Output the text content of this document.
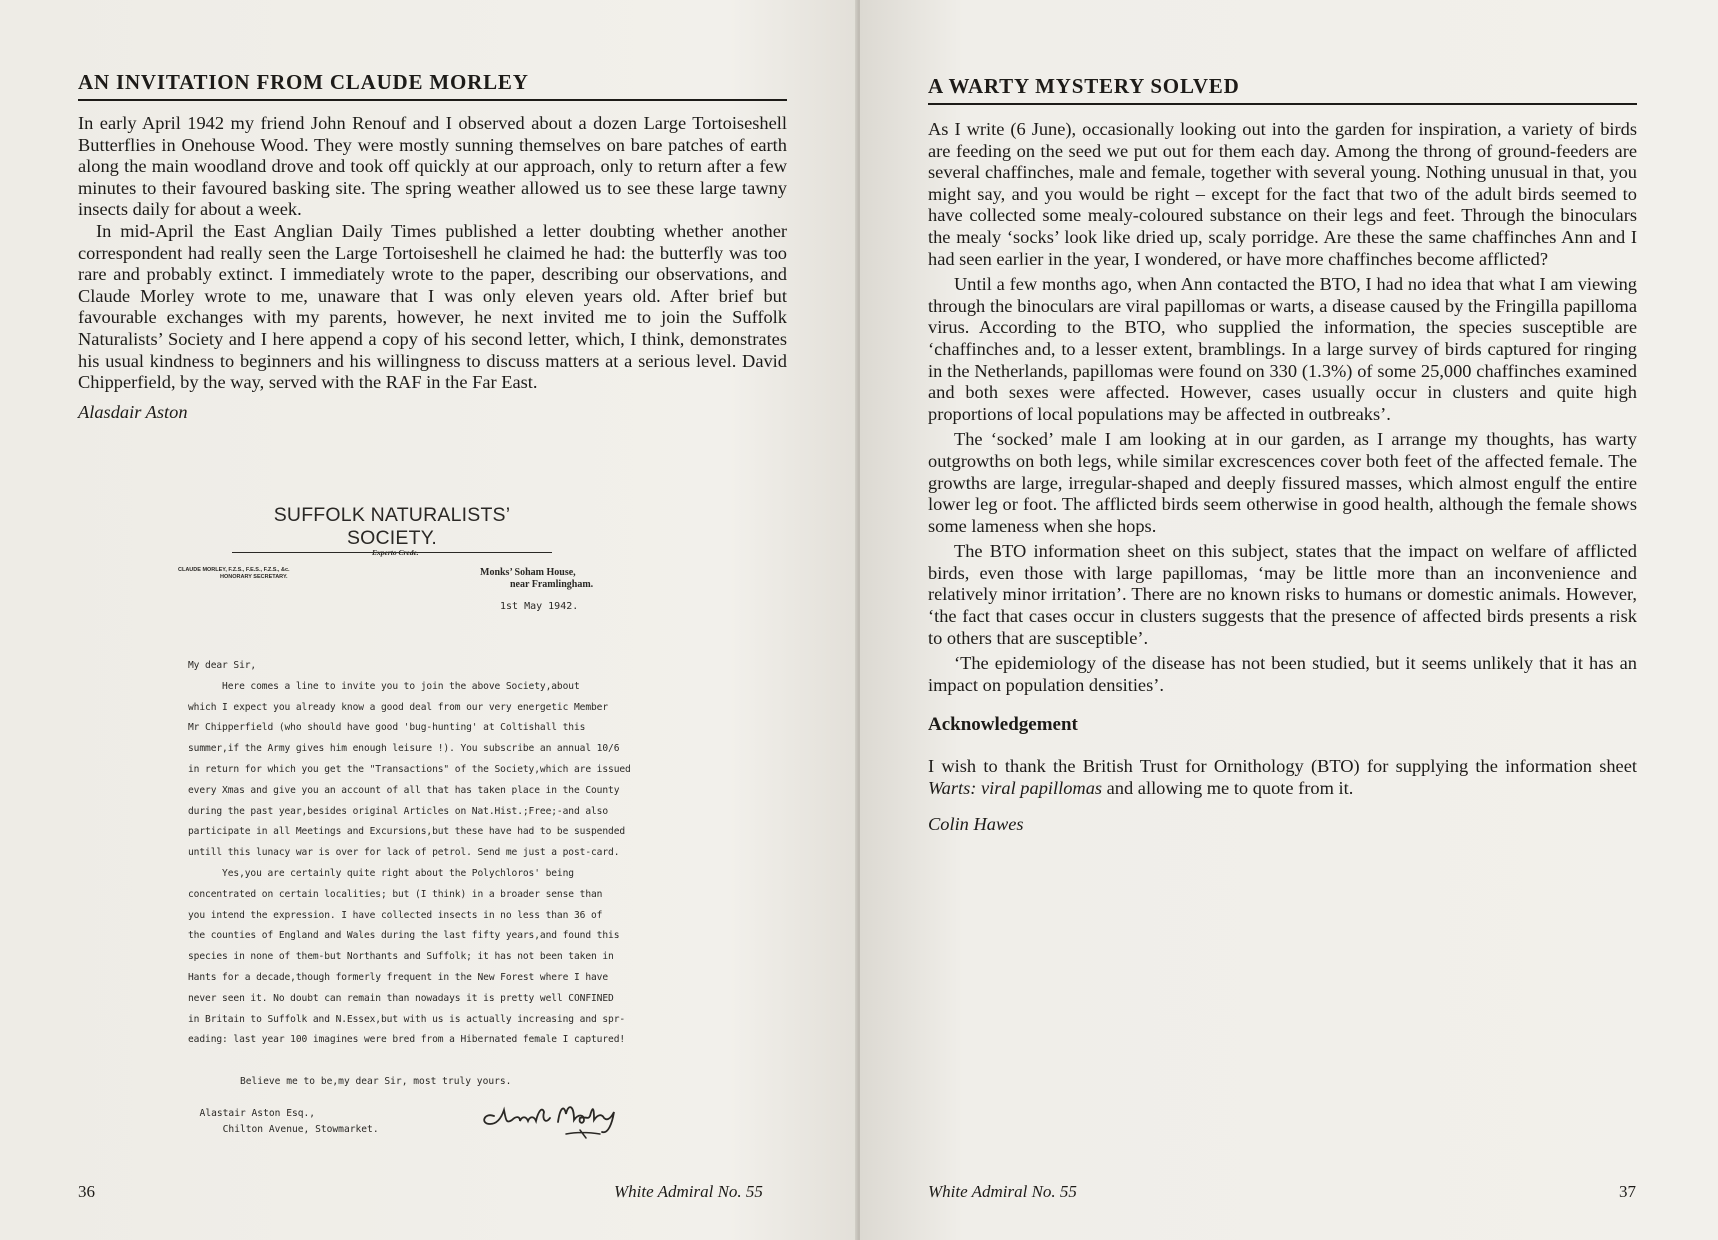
AN INVITATION FROM CLAUDE MORLEY

In early April 1942 my friend John Renouf and I observed about a dozen Large Tortoiseshell Butterflies in Onehouse Wood. They were mostly sunning themselves on bare patches of earth along the main woodland drove and took off quickly at our approach, only to return after a few minutes to their favoured basking site. The spring weather allowed us to see these large tawny insects daily for about a week.

In mid-April the East Anglian Daily Times published a letter doubting whether another correspondent had really seen the Large Tortoiseshell he claimed he had: the butterfly was too rare and probably extinct. I immediately wrote to the paper, describing our observations, and Claude Morley wrote to me, unaware that I was only eleven years old. After brief but favourable exchanges with my parents, however, he next invited me to join the Suffolk Naturalists’ Society and I here append a copy of his second letter, which, I think, demonstrates his usual kindness to beginners and his willingness to discuss matters at a serious level. David Chipperfield, by the way, served with the RAF in the Far East.

Alasdair Aston

SUFFOLK NATURALISTS’ SOCIETY.
Experto Crede.
CLAUDE MORLEY, F.Z.S., F.E.S., F.Z.S., &c.
HONORARY SECRETARY.	Monks’ Soham House,
near Framlingham.
1st May 1942.
My dear Sir,
Here comes a line to invite you to join the above Society,about
which I expect you already know a good deal from our very energetic Member
Mr Chipperfield (who should have good 'bug-hunting' at Coltishall this
summer,if the Army gives him enough leisure !). You subscribe an annual 10/6
in return for which you get the "Transactions" of the Society,which are issued
every Xmas and give you an account of all that has taken place in the County
during the past year,besides original Articles on Nat.Hist.;Free;-and also
participate in all Meetings and Excursions,but these have had to be suspended
untill this lunacy war is over for lack of petrol. Send me just a post-card.
Yes,you are certainly quite right about the Polychloros' being
concentrated on certain localities; but (I think) in a broader sense than
you intend the expression. I have collected insects in no less than 36 of
the counties of England and Wales during the last fifty years,and found this
species in none of them-but Northants and Suffolk; it has not been taken in
Hants for a decade,though formerly frequent in the New Forest where I have
never seen it. No doubt can remain than nowadays it is pretty well CONFINED
in Britain to Suffolk and N.Essex,but with us is actually increasing and spr-
eading: last year 100 imagines were bred from a Hibernated female I captured!
Believe me to be,my dear Sir, most truly yours.

Alastair Aston Esq.,
Chilton Avenue, Stowmarket.
36	White Admiral No. 55
A WARTY MYSTERY SOLVED

As I write (6 June), occasionally looking out into the garden for inspiration, a variety of birds are feeding on the seed we put out for them each day. Among the throng of ground-feeders are several chaffinches, male and female, together with several young. Nothing unusual in that, you might say, and you would be right – except for the fact that two of the adult birds seemed to have collected some mealy-coloured substance on their legs and feet. Through the binoculars the mealy ‘socks’ look like dried up, scaly porridge. Are these the same chaffinches Ann and I had seen earlier in the year, I wondered, or have more chaffinches become afflicted?

Until a few months ago, when Ann contacted the BTO, I had no idea that what I am viewing through the binoculars are viral papillomas or warts, a disease caused by the Fringilla papilloma virus. According to the BTO, who supplied the information, the species susceptible are ‘chaffinches and, to a lesser extent, bramblings. In a large survey of birds captured for ringing in the Netherlands, papillomas were found on 330 (1.3%) of some 25,000 chaffinches examined and both sexes were affected. However, cases usually occur in clusters and quite high proportions of local populations may be affected in outbreaks’.

The ‘socked’ male I am looking at in our garden, as I arrange my thoughts, has warty outgrowths on both legs, while similar excrescences cover both feet of the affected female. The growths are large, irregular-shaped and deeply fissured masses, which almost engulf the entire lower leg or foot. The afflicted birds seem otherwise in good health, although the female shows some lameness when she hops.

The BTO information sheet on this subject, states that the impact on welfare of afflicted birds, even those with large papillomas, ‘may be little more than an inconvenience and relatively minor irritation’. There are no known risks to humans or domestic animals. However, ‘the fact that cases occur in clusters suggests that the presence of affected birds presents a risk to others that are susceptible’.

‘The epidemiology of the disease has not been studied, but it seems unlikely that it has an impact on population densities’.

Acknowledgement

I wish to thank the British Trust for Ornithology (BTO) for supplying the information sheet Warts: viral papillomas and allowing me to quote from it.

Colin Hawes

White Admiral No. 55	37
